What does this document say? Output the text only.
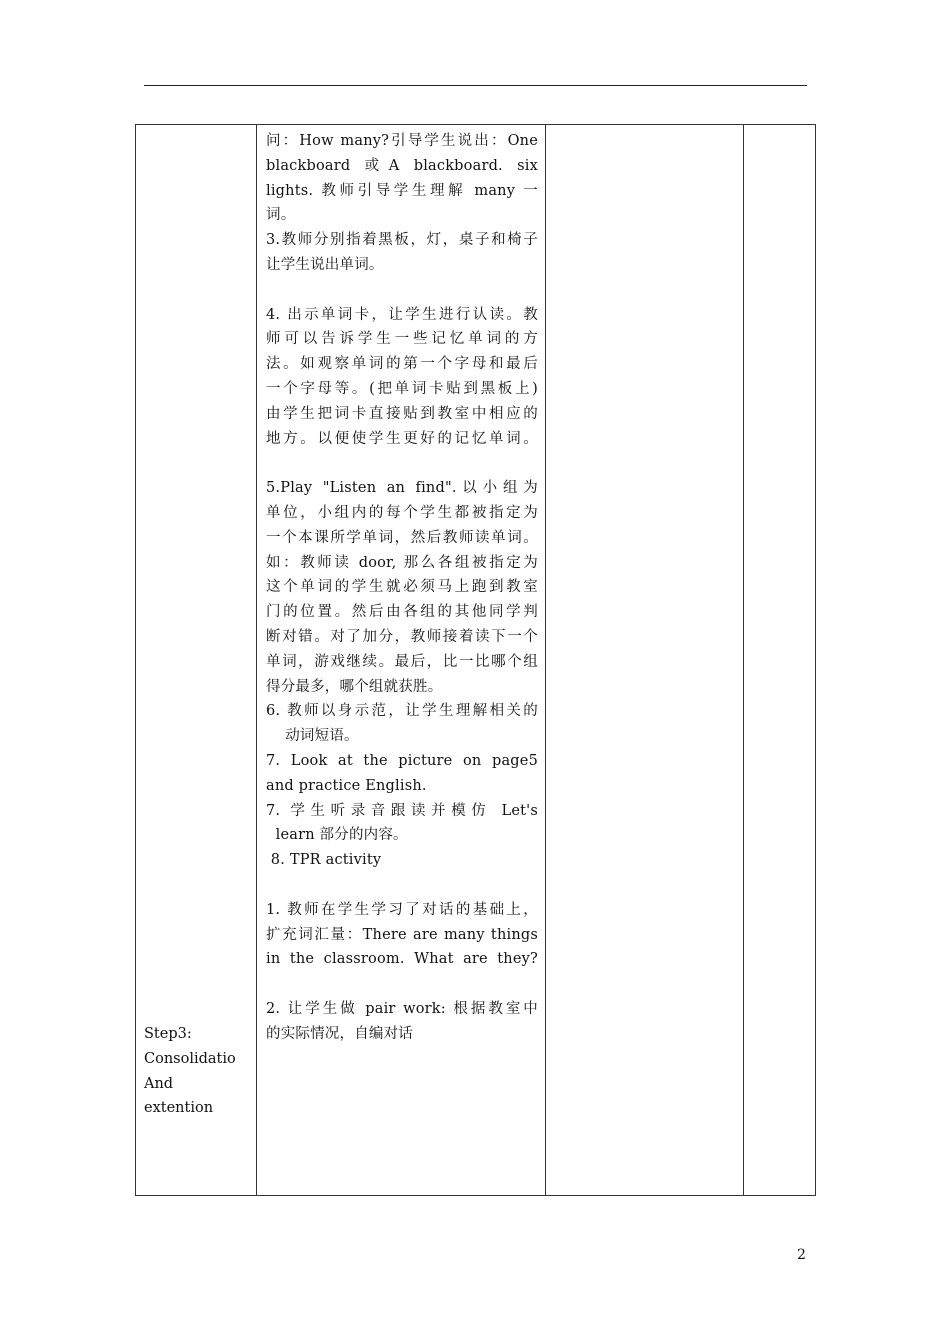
Step3:
Consolidatio
And
extention
问：How many?引导学生说出：One
blackboard  或 A  blackboard.  six
lights. 教师引导学生理解 many 一
词。
3.教师分别指着黑板，灯，桌子和椅子
让学生说出单词。
4. 出示单词卡，让学生进行认读。教
师可以告诉学生一些记忆单词的方
法。如观察单词的第一个字母和最后
一个字母等。(把单词卡贴到黑板上)
由学生把词卡直接贴到教室中相应的
地方。以便使学生更好的记忆单词。
5.Play "Listen an find".以小组为
单位，小组内的每个学生都被指定为
一个本课所学单词，然后教师读单词。
如：教师读 door, 那么各组被指定为
这个单词的学生就必须马上跑到教室
门的位置。然后由各组的其他同学判
断对错。对了加分，教师接着读下一个
单词，游戏继续。最后，比一比哪个组
得分最多，哪个组就获胜。
6. 教师以身示范，让学生理解相关的
动词短语。
7. Look at the picture on page5
and practice English.
7. 学生听录音跟读并模仿 Let's
learn 部分的内容。
8. TPR activity
1. 教师在学生学习了对话的基础上，
扩充词汇量：There are many things
in the classroom. What are they?
2. 让学生做 pair work: 根据教室中
的实际情况，自编对话
2
